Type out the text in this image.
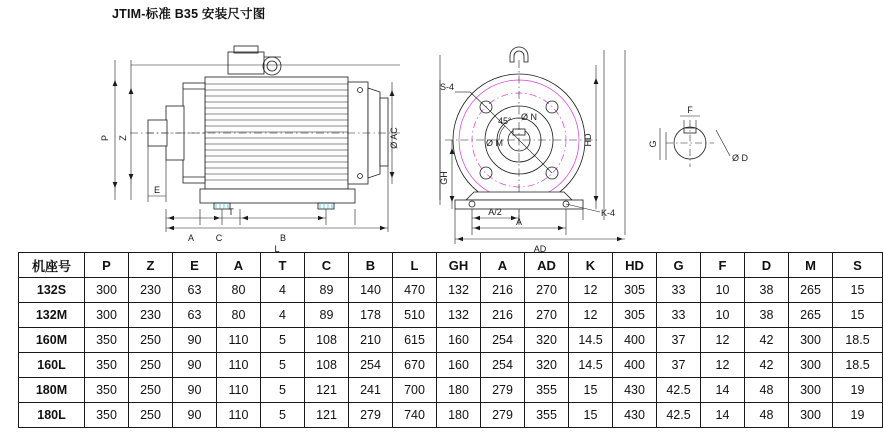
JTIM-标准 B35 安装尺寸图
P Z
E
A
T
C	B
L
Ø AC
S-4
45°
Ø M
Ø N
GH
HD
A/2
A
AD
K-4
F
G
Ø D
机座号	P	Z	E	A	T	C	B	L	GH	A	AD	K	HD	G	F	D	M	S
132S	300	230	63	80	4	89	140	470	132	216	270	12	305	33	10	38	265	15
132M	300	230	63	80	4	89	178	510	132	216	270	12	305	33	10	38	265	15
160M	350	250	90	110	5	108	210	615	160	254	320	14.5	400	37	12	42	300	18.5
160L	350	250	90	110	5	108	254	670	160	254	320	14.5	400	37	12	42	300	18.5
180M	350	250	90	110	5	121	241	700	180	279	355	15	430	42.5	14	48	300	19
180L	350	250	90	110	5	121	279	740	180	279	355	15	430	42.5	14	48	300	19
